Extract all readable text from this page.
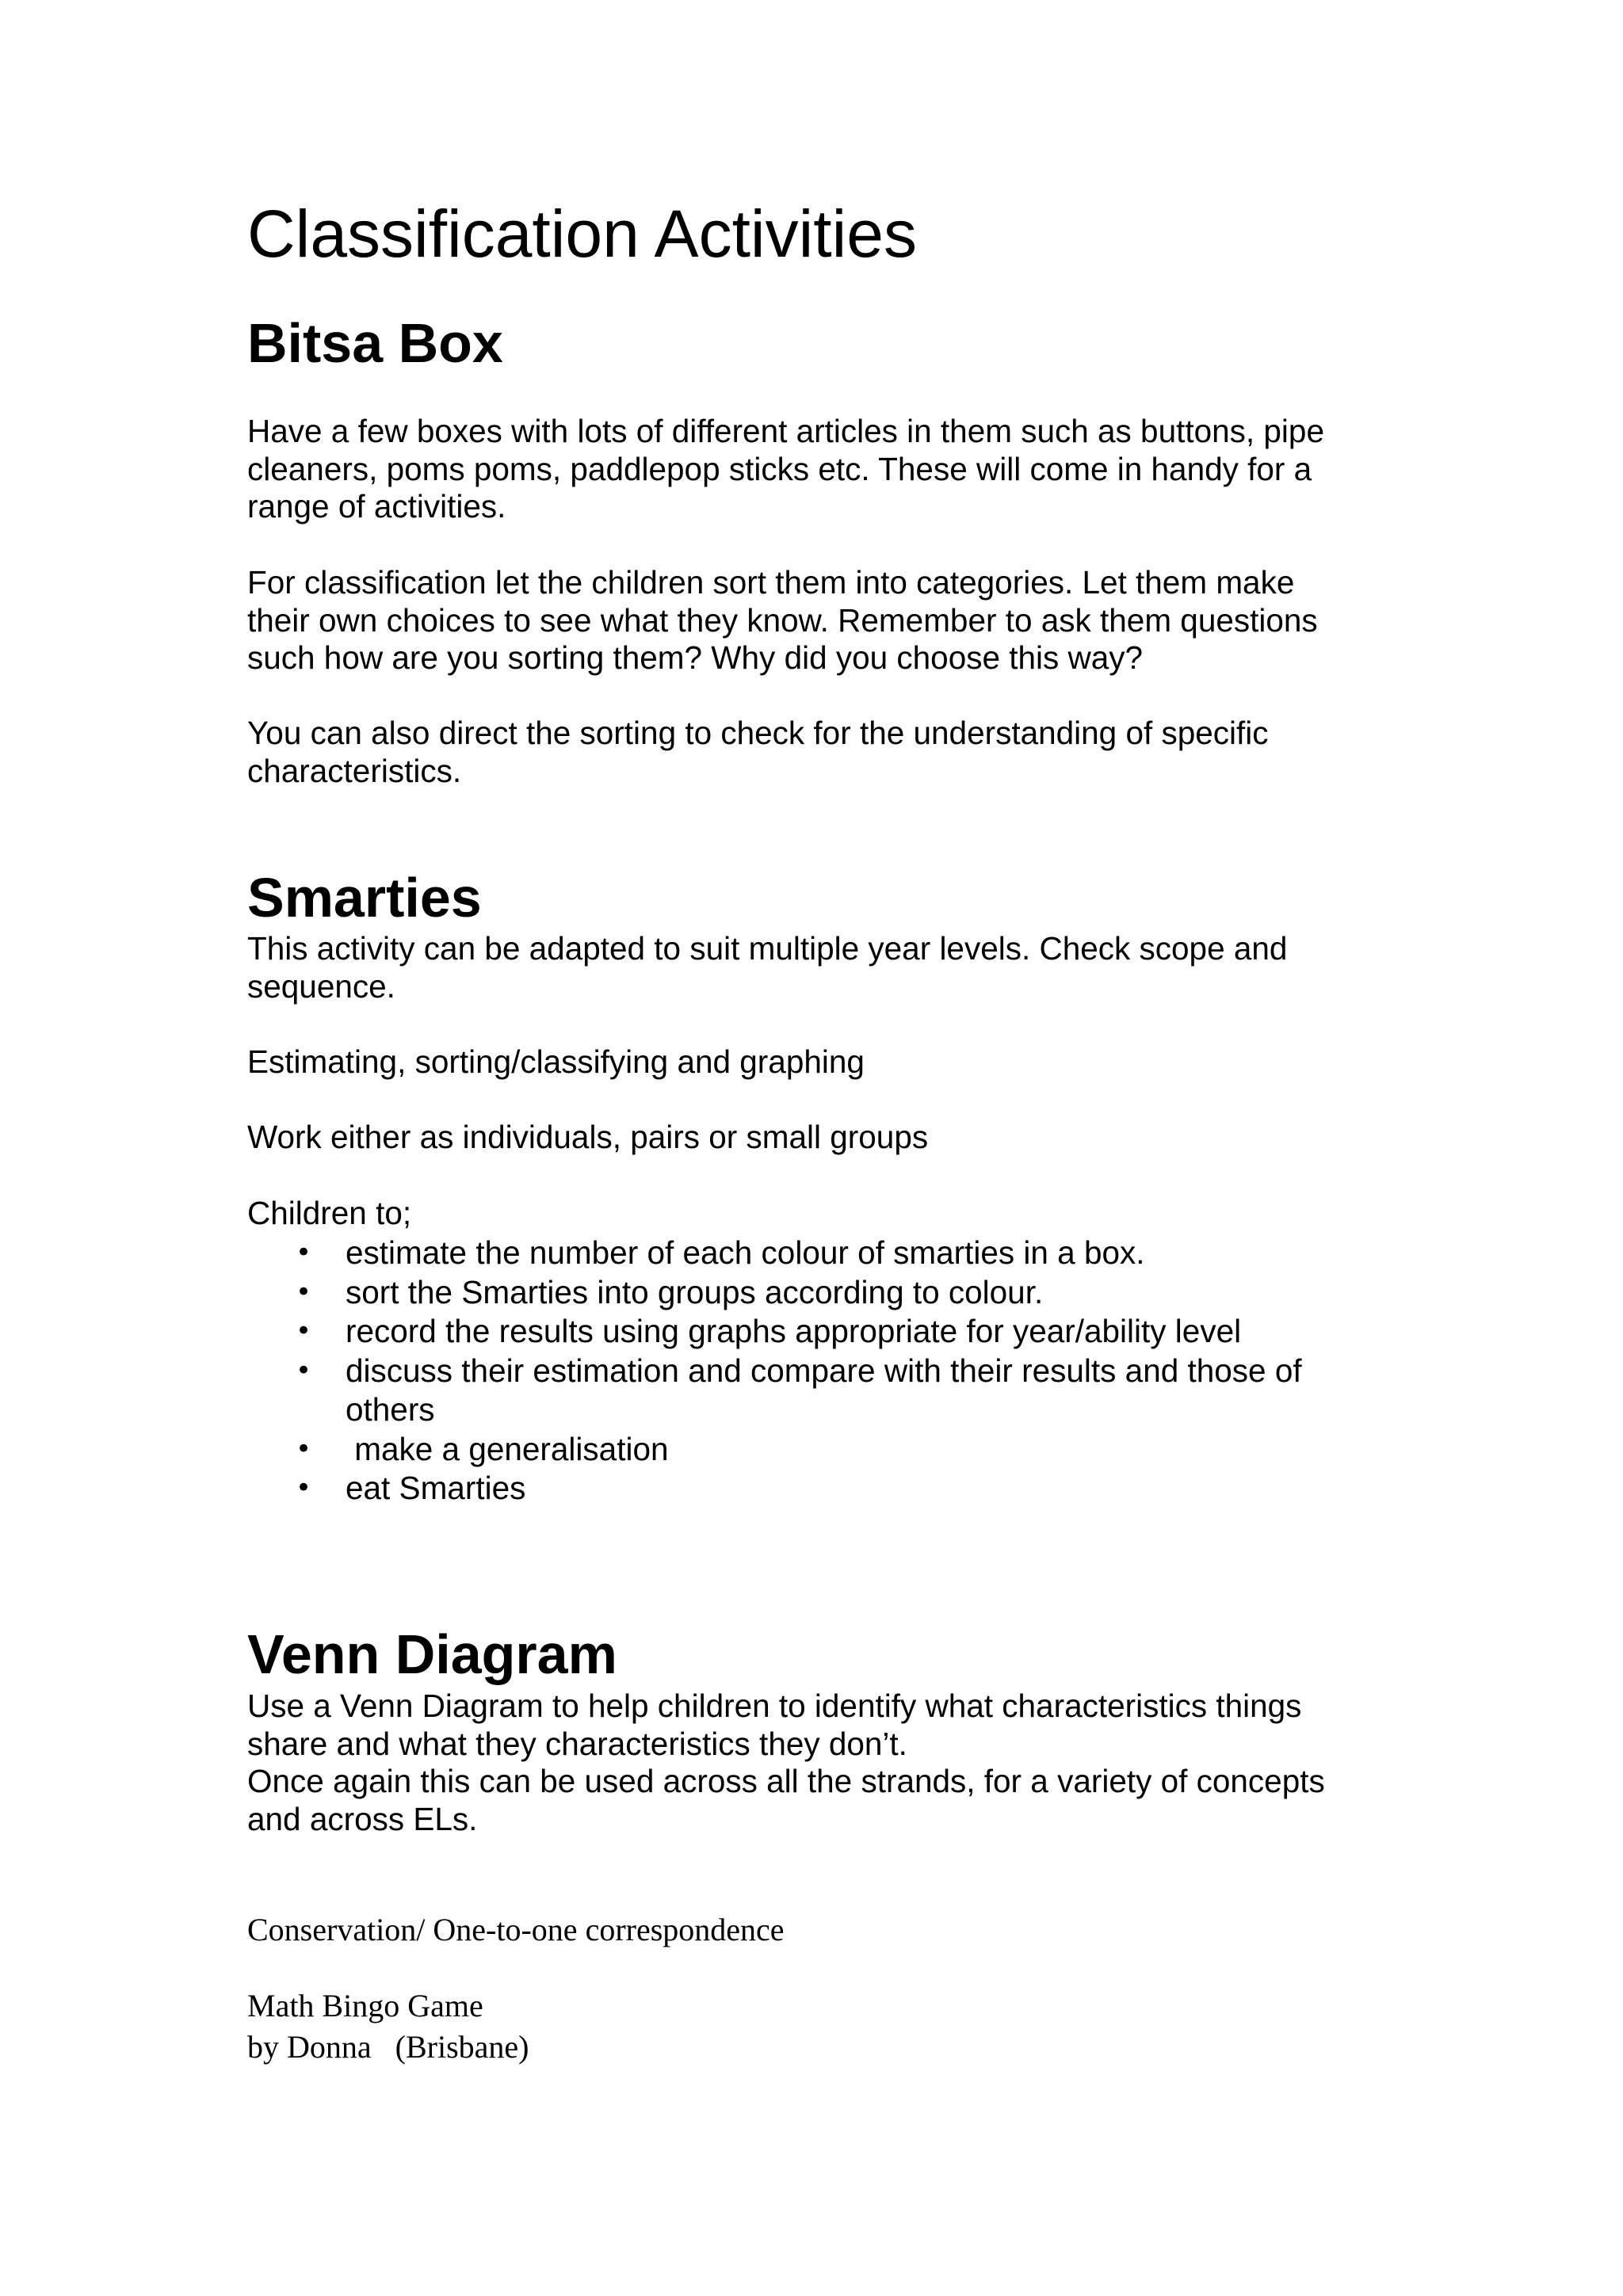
Classification Activities
Bitsa Box

Have a few boxes with lots of different articles in them such as buttons, pipe
cleaners, poms poms, paddlepop sticks etc. These will come in handy for a
range of activities.

For classification let the children sort them into categories. Let them make
their own choices to see what they know. Remember to ask them questions
such how are you sorting them? Why did you choose this way?

You can also direct the sorting to check for the understanding of specific
characteristics.

Smarties

This activity can be adapted to suit multiple year levels. Check scope and
sequence.

Estimating, sorting/classifying and graphing

Work either as individuals, pairs or small groups

Children to;

• estimate the number of each colour of smarties in a box.
• sort the Smarties into groups according to colour.
• record the results using graphs appropriate for year/ability level
• discuss their estimation and compare with their results and those of
others
• make a generalisation
• eat Smarties
Venn Diagram

Use a Venn Diagram to help children to identify what characteristics things
share and what they characteristics they don’t.
Once again this can be used across all the strands, for a variety of concepts
and across ELs.

Conservation/ One-to-one correspondence

Math Bingo Game

by Donna   (Brisbane)
